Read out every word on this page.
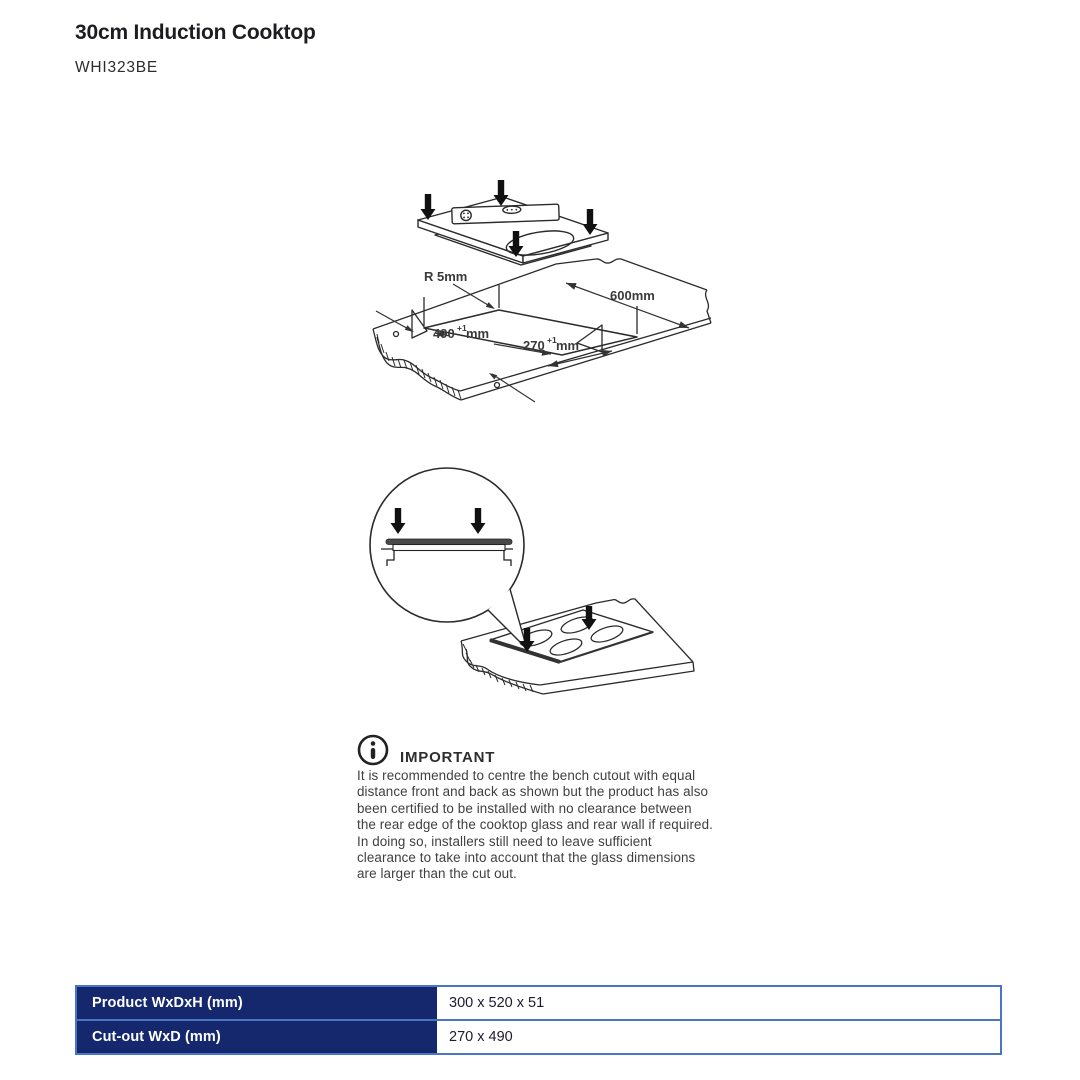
30cm Induction Cooktop
WHI323BE
R 5mm
600mm
490 +1 mm
270 +1 mm
IMPORTANT
It is recommended to centre the bench cutout with equal distance front and back as shown but the product has also been certified to be installed with no clearance between the rear edge of the cooktop glass and rear wall if required. In doing so, installers still need to leave sufficient clearance to take into account that the glass dimensions are larger than the cut out.
Product WxDxH (mm)	300 x 520 x 51
Cut-out WxD (mm)	270 x 490
